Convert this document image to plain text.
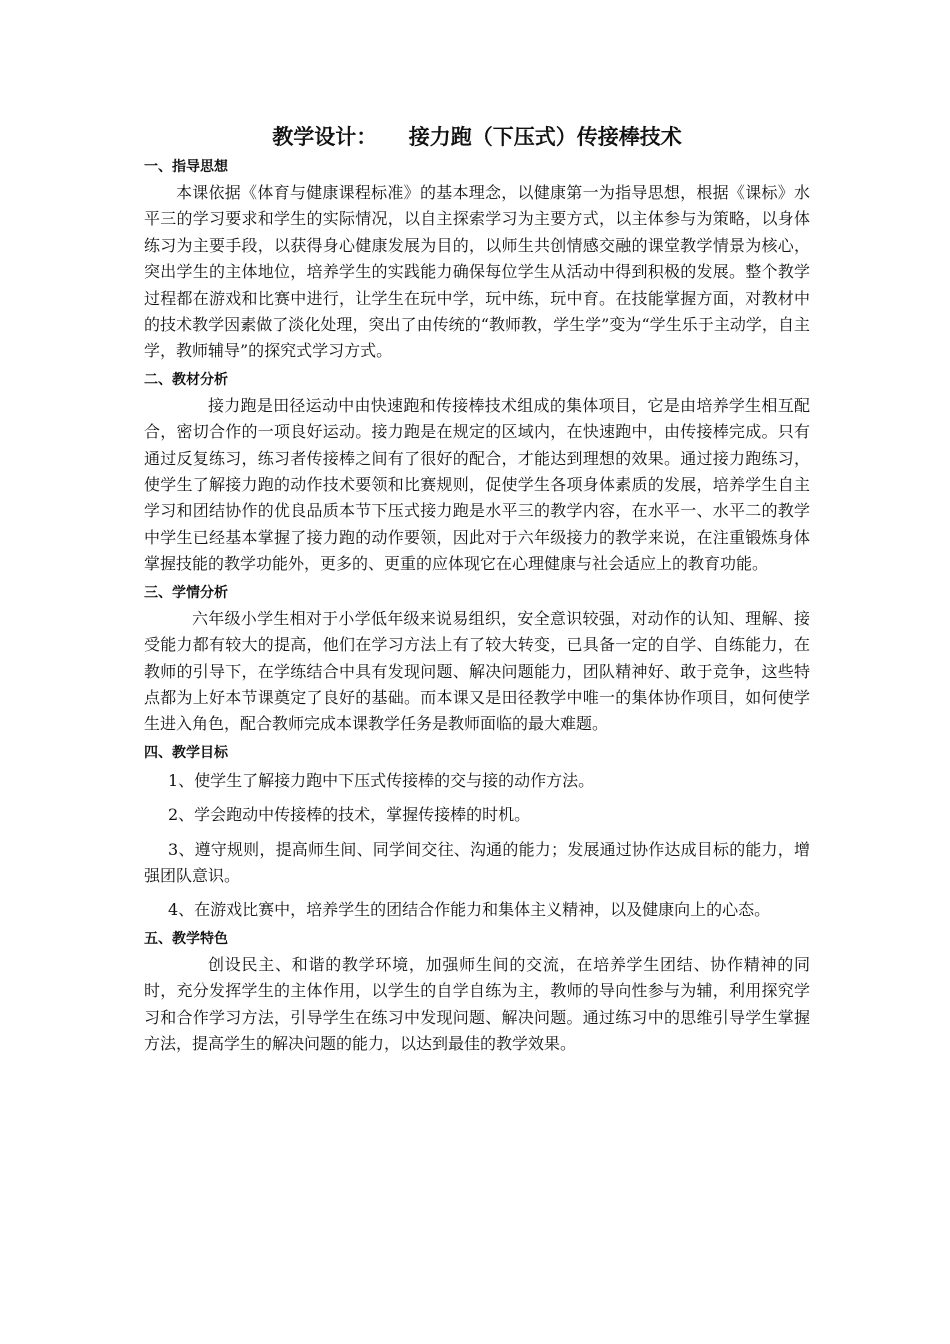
教学设计：　　接力跑（下压式）传接棒技术
一、指导思想

本课依据《体育与健康课程标准》的基本理念，以健康第一为指导思想，根据《课标》水平三的学习要求和学生的实际情况，以自主探索学习为主要方式，以主体参与为策略，以身体练习为主要手段，以获得身心健康发展为目的，以师生共创情感交融的课堂教学情景为核心，突出学生的主体地位，培养学生的实践能力确保每位学生从活动中得到积极的发展。整个教学过程都在游戏和比赛中进行，让学生在玩中学，玩中练，玩中育。在技能掌握方面，对教材中的技术教学因素做了淡化处理，突出了由传统的“教师教，学生学”变为“学生乐于主动学，自主学，教师辅导”的探究式学习方式。

二、教材分析

接力跑是田径运动中由快速跑和传接棒技术组成的集体项目，它是由培养学生相互配合，密切合作的一项良好运动。接力跑是在规定的区域内，在快速跑中，由传接棒完成。只有通过反复练习，练习者传接棒之间有了很好的配合，才能达到理想的效果。通过接力跑练习，使学生了解接力跑的动作技术要领和比赛规则，促使学生各项身体素质的发展，培养学生自主学习和团结协作的优良品质本节下压式接力跑是水平三的教学内容，在水平一、水平二的教学中学生已经基本掌握了接力跑的动作要领，因此对于六年级接力的教学来说，在注重锻炼身体掌握技能的教学功能外，更多的、更重的应体现它在心理健康与社会适应上的教育功能。

三、学情分析

六年级小学生相对于小学低年级来说易组织，安全意识较强，对动作的认知、理解、接受能力都有较大的提高，他们在学习方法上有了较大转变，已具备一定的自学、自练能力，在教师的引导下，在学练结合中具有发现问题、解决问题能力，团队精神好、敢于竞争，这些特点都为上好本节课奠定了良好的基础。而本课又是田径教学中唯一的集体协作项目，如何使学生进入角色，配合教师完成本课教学任务是教师面临的最大难题。

四、教学目标

1、使学生了解接力跑中下压式传接棒的交与接的动作方法。

2、学会跑动中传接棒的技术，掌握传接棒的时机。

3、遵守规则，提高师生间、同学间交往、沟通的能力；发展通过协作达成目标的能力，增强团队意识。

4、在游戏比赛中，培养学生的团结合作能力和集体主义精神，以及健康向上的心态。

五、教学特色

创设民主、和谐的教学环境，加强师生间的交流，在培养学生团结、协作精神的同时，充分发挥学生的主体作用，以学生的自学自练为主，教师的导向性参与为辅，利用探究学习和合作学习方法，引导学生在练习中发现问题、解决问题。通过练习中的思维引导学生掌握方法，提高学生的解决问题的能力，以达到最佳的教学效果。
